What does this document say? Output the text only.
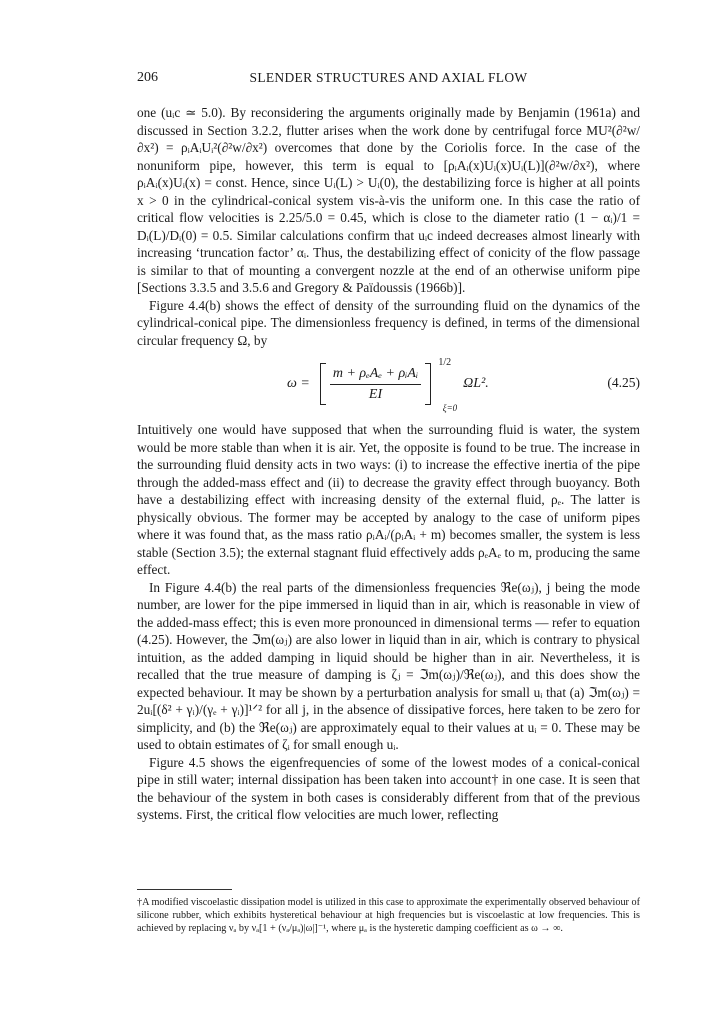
206	SLENDER STRUCTURES AND AXIAL FLOW

one (uᵢc ≃ 5.0). By reconsidering the arguments originally made by Benjamin (1961a) and discussed in Section 3.2.2, flutter arises when the work done by centrifugal force MU²(∂²w/∂x²) = ρᵢAᵢUᵢ²(∂²w/∂x²) overcomes that done by the Coriolis force. In the case of the nonuniform pipe, however, this term is equal to [ρᵢAᵢ(x)Uᵢ(x)Uᵢ(L)](∂²w/∂x²), where ρᵢAᵢ(x)Uᵢ(x) = const. Hence, since Uᵢ(L) > Uᵢ(0), the destabilizing force is higher at all points x > 0 in the cylindrical-conical system vis-à-vis the uniform one. In this case the ratio of critical flow velocities is 2.25/5.0 = 0.45, which is close to the diameter ratio (1 − αᵢ)/1 = Dᵢ(L)/Dᵢ(0) = 0.5. Similar calculations confirm that uᵢc indeed decreases almost linearly with increasing ‘truncation factor’ αᵢ. Thus, the destabilizing effect of conicity of the flow passage is similar to that of mounting a convergent nozzle at the end of an otherwise uniform pipe [Sections 3.3.5 and 3.5.6 and Gregory & Païdoussis (1966b)].

Figure 4.4(b) shows the effect of density of the surrounding fluid on the dynamics of the cylindrical-conical pipe. The dimensionless frequency is defined, in terms of the dimensional circular frequency Ω, by

$\omega = \frac{\text{m + ρₑAₑ + ρᵢAᵢ}}{EI}$
1/2
ξ=0
ΩL².	(4.25)

Intuitively one would have supposed that when the surrounding fluid is water, the system would be more stable than when it is air. Yet, the opposite is found to be true. The increase in the surrounding fluid density acts in two ways: (i) to increase the effective inertia of the pipe through the added-mass effect and (ii) to decrease the gravity effect through buoyancy. Both have a destabilizing effect with increasing density of the external fluid, ρₑ. The latter is physically obvious. The former may be accepted by analogy to the case of uniform pipes where it was found that, as the mass ratio ρᵢAᵢ/(ρᵢAᵢ + m) becomes smaller, the system is less stable (Section 3.5); the external stagnant fluid effectively adds ρₑAₑ to m, producing the same effect.

In Figure 4.4(b) the real parts of the dimensionless frequencies ℜe(ωⱼ), j being the mode number, are lower for the pipe immersed in liquid than in air, which is reasonable in view of the added-mass effect; this is even more pronounced in dimensional terms — refer to equation (4.25). However, the ℑm(ωⱼ) are also lower in liquid than in air, which is contrary to physical intuition, as the added damping in liquid should be higher than in air. Nevertheless, it is recalled that the true measure of damping is ζⱼ = ℑm(ωⱼ)/ℜe(ωⱼ), and this does show the expected behaviour. It may be shown by a perturbation analysis for small uᵢ that (a) ℑm(ωⱼ) = 2uᵢ[(δ² + γᵢ)/(γₑ + γᵢ)]¹ᐟ² for all j, in the absence of dissipative forces, here taken to be zero for simplicity, and (b) the ℜe(ωⱼ) are approximately equal to their values at uᵢ = 0. These may be used to obtain estimates of ζᵢ for small enough uᵢ.

Figure 4.5 shows the eigenfrequencies of some of the lowest modes of a conical-conical pipe in still water; internal dissipation has been taken into account† in one case. It is seen that the behaviour of the system in both cases is considerably different from that of the previous systems. First, the critical flow velocities are much lower, reflecting

†A modified viscoelastic dissipation model is utilized in this case to approximate the experimentally observed behaviour of silicone rubber, which exhibits hysteretical behaviour at high frequencies but is viscoelastic at low frequencies. This is achieved by replacing νₐ by νₐ[1 + (νₐ/μₐ)|ω|]⁻¹, where μₐ is the hysteretic damping coefficient as ω → ∞.
